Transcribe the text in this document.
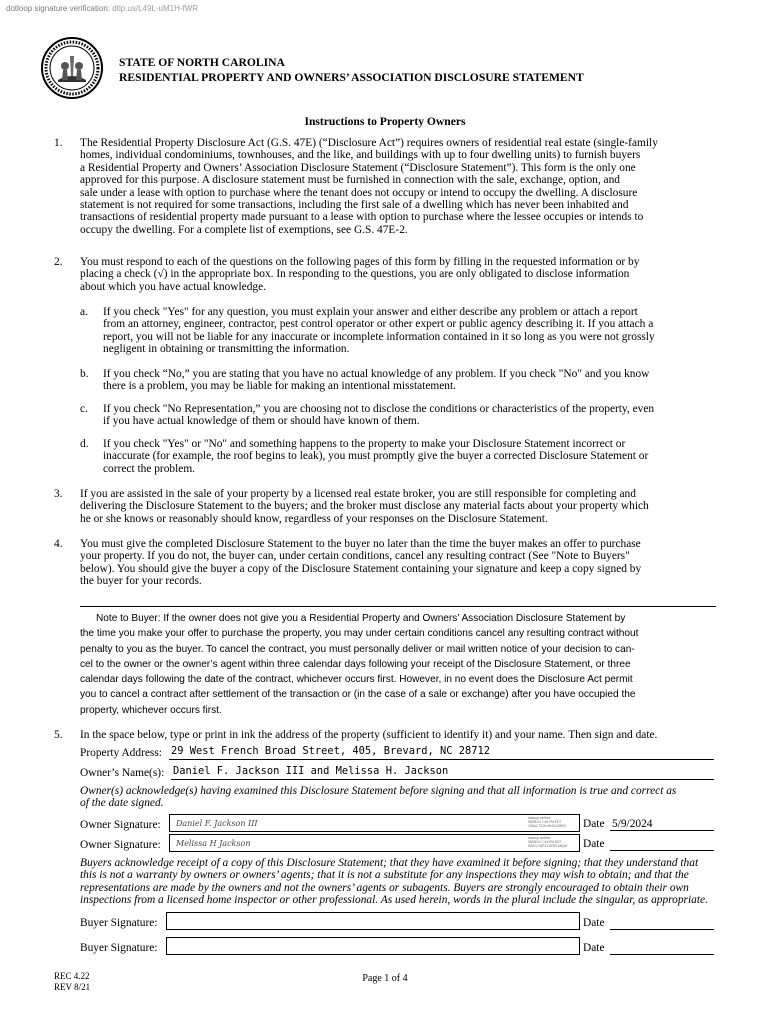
dotloop signature verification: dtlp.us/L49L-uM1H-fWR
STATE OF NORTH CAROLINA
RESIDENTIAL PROPERTY AND OWNERS’ ASSOCIATION DISCLOSURE STATEMENT
Instructions to Property Owners
1.	The Residential Property Disclosure Act (G.S. 47E) (“Disclosure Act”) requires owners of residential real estate (single-family
homes, individual condominiums, townhouses, and the like, and buildings with up to four dwelling units) to furnish buyers
a Residential Property and Owners’ Association Disclosure Statement (“Disclosure Statement”). This form is the only one
approved for this purpose. A disclosure statement must be furnished in connection with the sale, exchange, option, and
sale under a lease with option to purchase where the tenant does not occupy or intend to occupy the dwelling. A disclosure
statement is not required for some transactions, including the first sale of a dwelling which has never been inhabited and
transactions of residential property made pursuant to a lease with option to purchase where the lessee occupies or intends to
occupy the dwelling. For a complete list of exemptions, see G.S. 47E-2.
2.	You must respond to each of the questions on the following pages of this form by filling in the requested information or by
placing a check (√) in the appropriate box. In responding to the questions, you are only obligated to disclose information
about which you have actual knowledge.
a.	If you check "Yes" for any question, you must explain your answer and either describe any problem or attach a report
from an attorney, engineer, contractor, pest control operator or other expert or public agency describing it. If you attach a
report, you will not be liable for any inaccurate or incomplete information contained in it so long as you were not grossly
negligent in obtaining or transmitting the information.
b.	If you check “No,” you are stating that you have no actual knowledge of any problem. If you check "No" and you know
there is a problem, you may be liable for making an intentional misstatement.
c.	If you check "No Representation,” you are choosing not to disclose the conditions or characteristics of the property, even
if you have actual knowledge of them or should have known of them.
d.	If you check "Yes" or "No" and something happens to the property to make your Disclosure Statement incorrect or
inaccurate (for example, the roof begins to leak), you must promptly give the buyer a corrected Disclosure Statement or
correct the problem.
3.	If you are assisted in the sale of your property by a licensed real estate broker, you are still responsible for completing and
delivering the Disclosure Statement to the buyers; and the broker must disclose any material facts about your property which
he or she knows or reasonably should know, regardless of your responses on the Disclosure Statement.
4.	You must give the completed Disclosure Statement to the buyer no later than the time the buyer makes an offer to purchase
your property. If you do not, the buyer can, under certain conditions, cancel any resulting contract (See "Note to Buyers"
below). You should give the buyer a copy of the Disclosure Statement containing your signature and keep a copy signed by
the buyer for your records.
Note to Buyer: If the owner does not give you a Residential Property and Owners’ Association Disclosure Statement by
the time you make your offer to purchase the property, you may under certain conditions cancel any resulting contract without
penalty to you as the buyer. To cancel the contract, you must personally deliver or mail written notice of your decision to can-
cel to the owner or the owner’s agent within three calendar days following your receipt of the Disclosure Statement, or three
calendar days following the date of the contract, whichever occurs first. However, in no event does the Disclosure Act permit
you to cancel a contract after settlement of the transaction or (in the case of a sale or exchange) after you have occupied the
property, whichever occurs first.
5.	In the space below, type or print in ink the address of the property (sufficient to identify it) and your name. Then sign and date.
Property Address: 29 West French Broad Street, 405, Brevard, NC 28712
Owner’s Name(s): Daniel F. Jackson III and Melissa H. Jackson
Owner(s) acknowledge(s) having examined this Disclosure Statement before signing and that all information is true and correct as
of the date signed.
Owner Signature: Daniel F. Jackson III
dotloop verified
05/09/24 7:45 PM EDT
OBAA-T3J9-HKA2-KMEN Date 5/9/2024
Owner Signature: Melissa H Jackson
dotloop verified
05/09/24 7:44 PM EDT
SAYG-YAP3-DG0R-ANQ8 Date
Buyers acknowledge receipt of a copy of this Disclosure Statement; that they have examined it before signing; that they understand that
this is not a warranty by owners or owners’ agents; that it is not a substitute for any inspections they may wish to obtain; and that the
representations are made by the owners and not the owners’ agents or subagents. Buyers are strongly encouraged to obtain their own
inspections from a licensed home inspector or other professional. As used herein, words in the plural include the singular, as appropriate.
Buyer Signature:	Date
Buyer Signature:	Date
REC 4.22
REV 8/21
Page 1 of 4
